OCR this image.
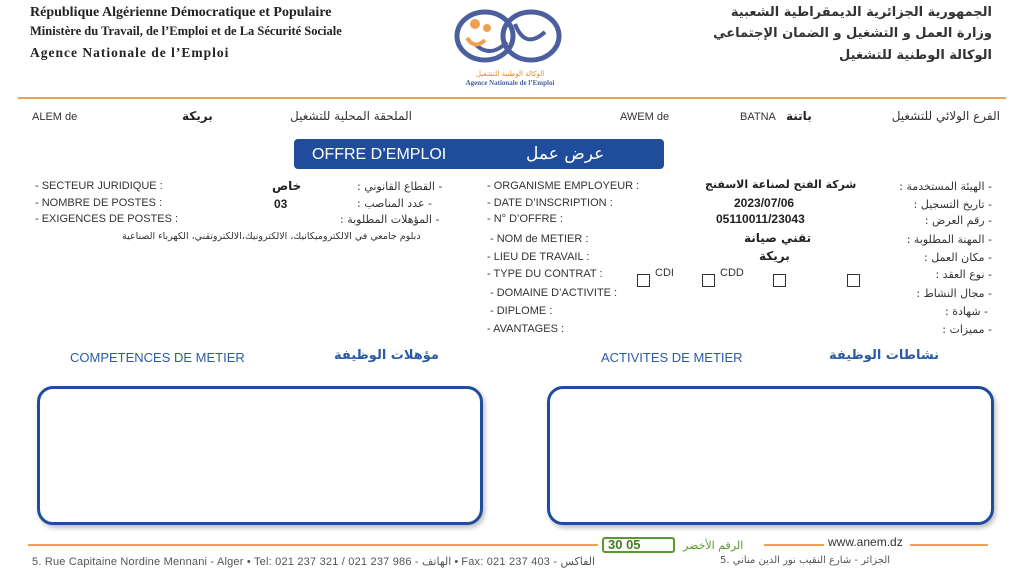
République Algérienne Démocratique et Populaire
Ministère du Travail, de l’Emploi et de La Sécurité Sociale
Agence Nationale de l’Emploi
الجمهورية الجزائرية الديمقراطية الشعبية
وزارة العمل و التشغيل و الضمان الإجتماعي
الوكالة الوطنية للتشغيل
الوكالة الوطنية للتشغيل
Agence Nationale de l’Emploi
ALEM de	بريكة	الملحقة المحلية للتشغيل	AWEM de	BATNA باتنة	الفرع الولائي للتشغيل
OFFRE D’EMPLOI	عرض عمل
- SECTEUR JURIDIQUE :	خاص	- القطاع القانوني :
- NOMBRE DE POSTES :	03	- عدد المناصب :
- EXIGENCES DE POSTES :	- المؤهلات المطلوبة :
دبلوم جامعي في الالكتروميكانيك، الالكترونيك،الالكتروتقني، الكهرباء الصناعية
- ORGANISME EMPLOYEUR :	شركة الفتح لصناعة الاسفنج	- الهيئة المستخدمة :
- DATE D’INSCRIPTION :	2023/07/06	- تاريخ التسجيل :
- N° D’OFFRE :	05110011/23043	- رقم العرض :
- NOM de METIER :	تقني صيانة	- المهنة المطلوبة :
- LIEU DE TRAVAIL :	بريكة	- مكان العمل :
- TYPE DU CONTRAT :	CDI	CDD	- نوع العقد :
- DOMAINE D’ACTIVITE :	- مجال النشاط :
- DIPLOME :	- شهادة :
- AVANTAGES :	- مميزات :
COMPETENCES DE METIER	مؤهلات الوظيفة	ACTIVITES DE METIER	نشاطات الوظيفة
30 05	الرقم الأخضر	www.anem.dz
5. Rue Capitaine Nordine Mennani - Alger • Tel: 021 237 321 / 021 237 986 - الهاتف • Fax: 021 237 403 - الفاكس	الجزائر - شارع النقيب نور الدين مناني .5
